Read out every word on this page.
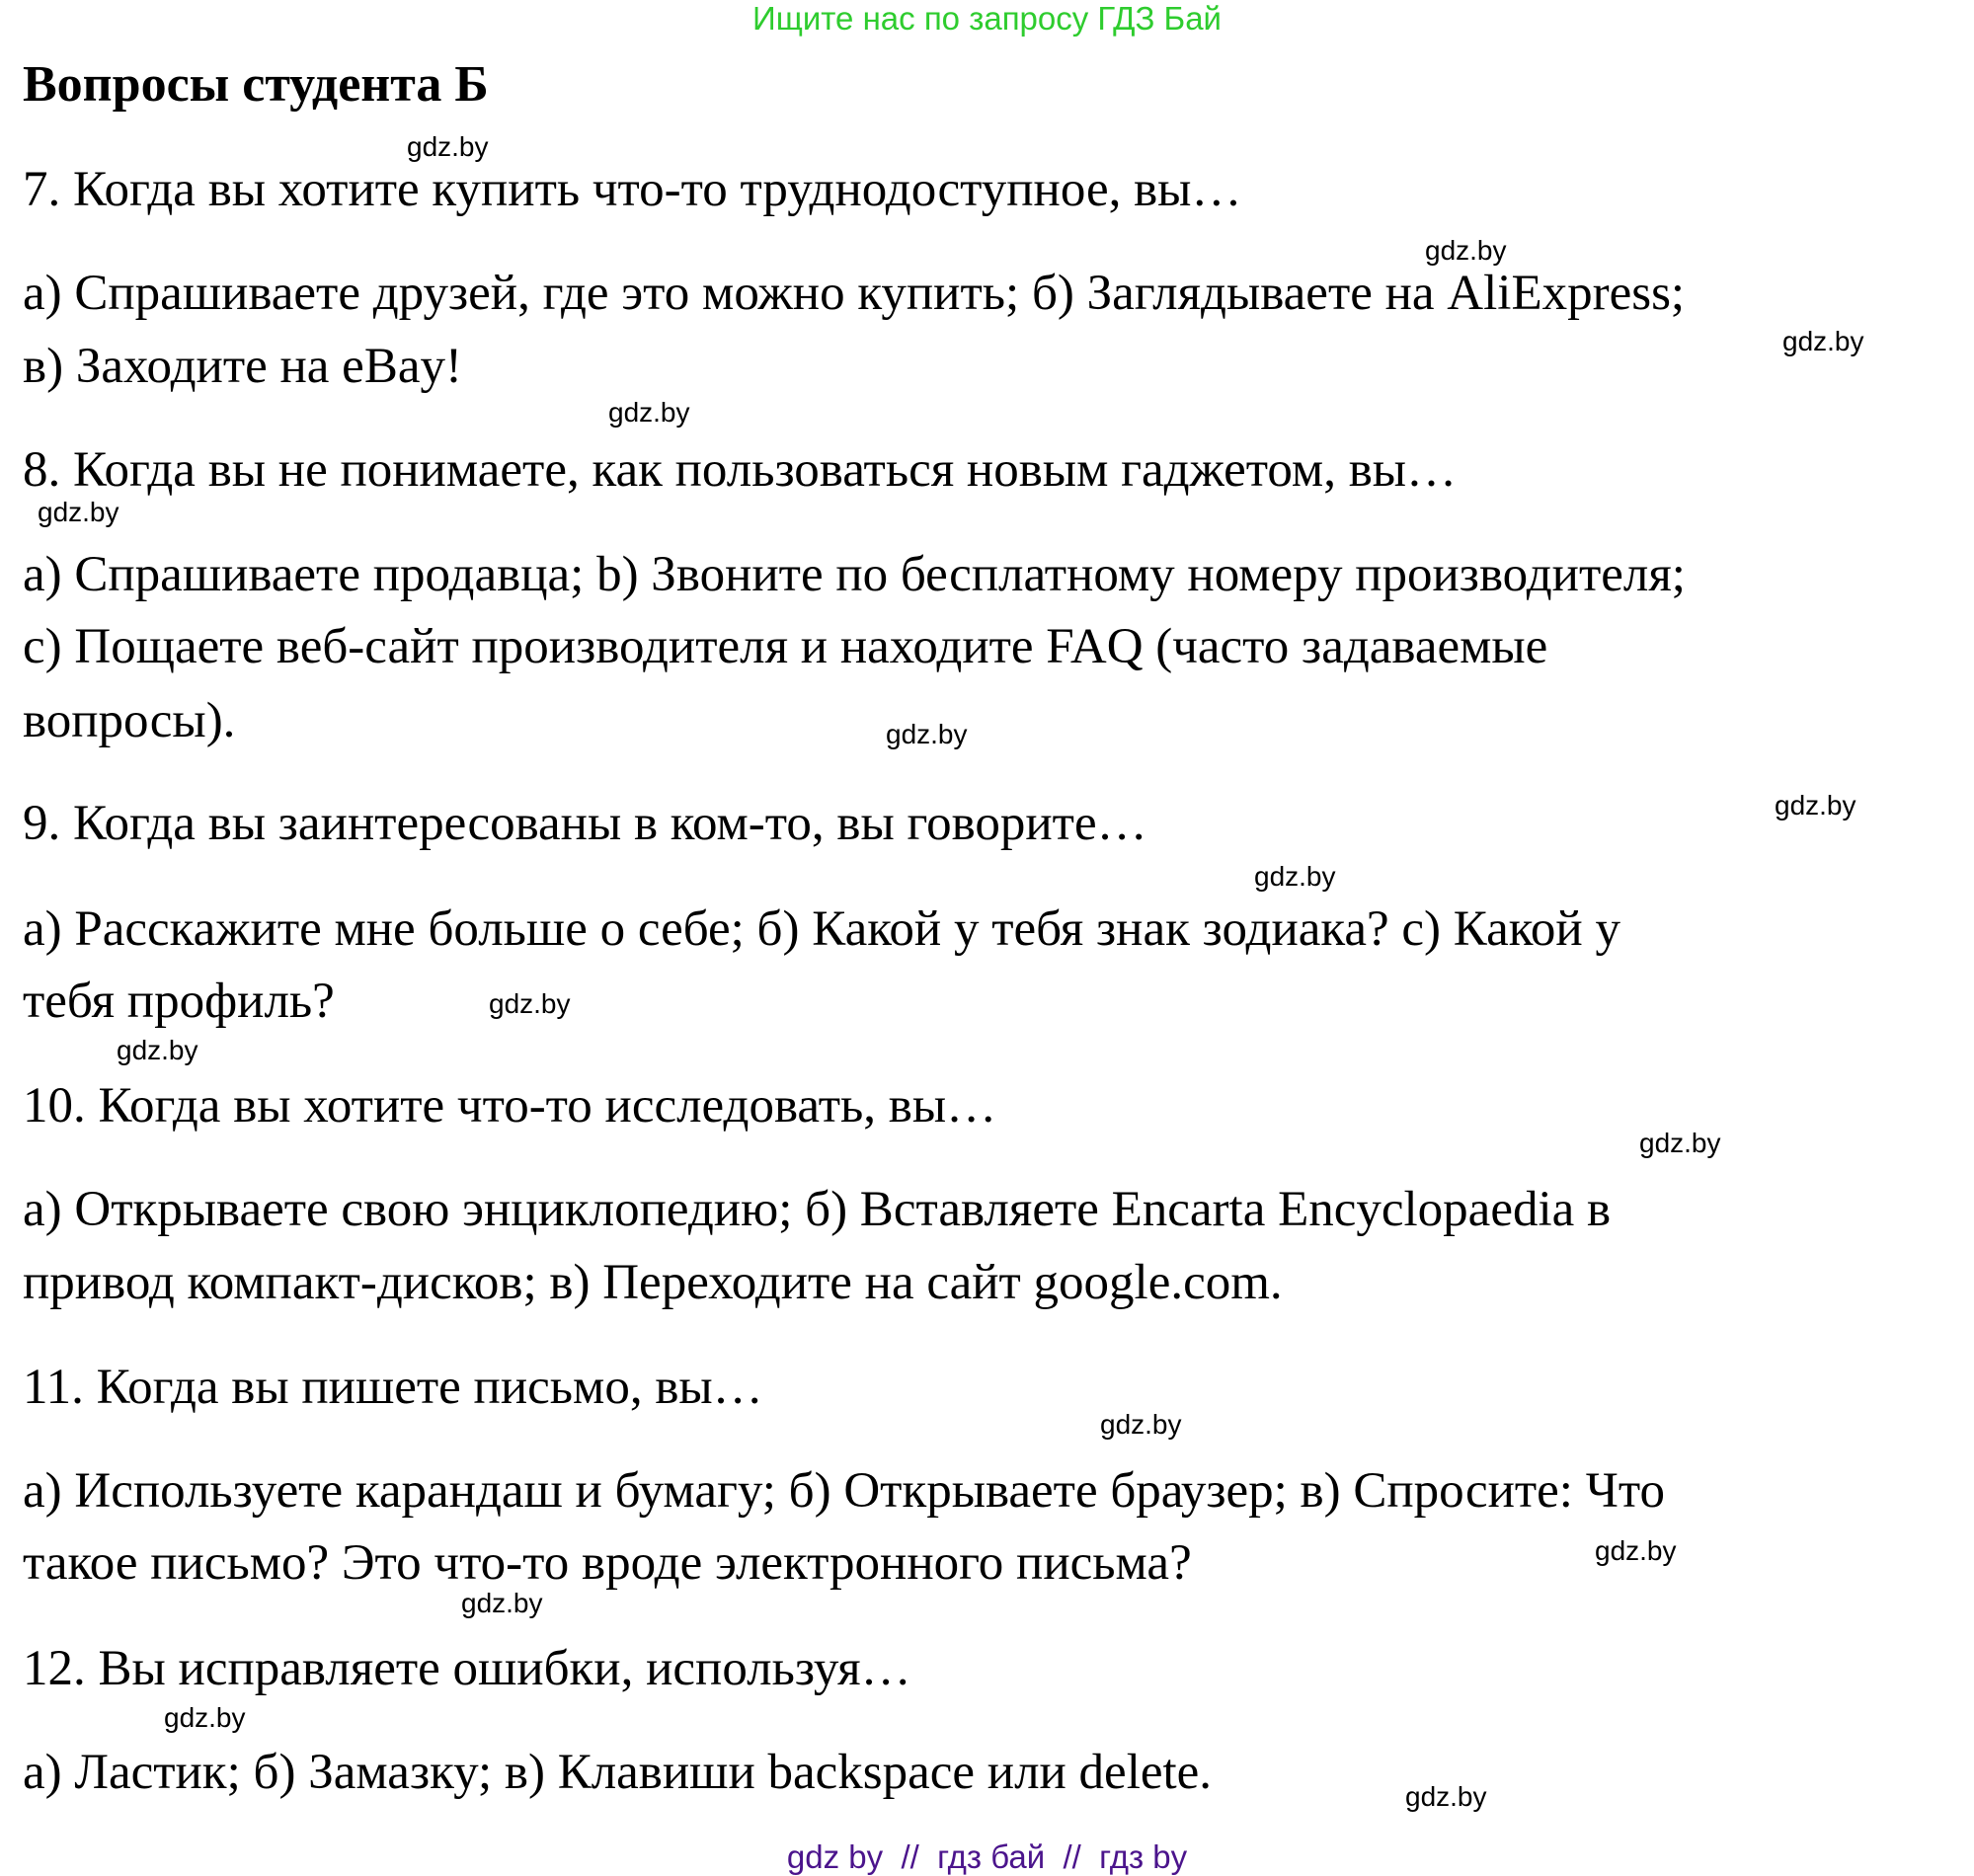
Ищите нас по запросу ГДЗ Бай
Вопросы студента Б
7. Когда вы хотите купить что-то труднодоступное, вы…
а) Спрашиваете друзей, где это можно купить; б) Заглядываете на AliExpress;
в) Заходите на eBay!
8. Когда вы не понимаете, как пользоваться новым гаджетом, вы…
а) Спрашиваете продавца; b) Звоните по бесплатному номеру производителя;
с) Пощаете веб-сайт производителя и находите FAQ (часто задаваемые
вопросы).
9. Когда вы заинтересованы в ком-то, вы говорите…
а) Расскажите мне больше о себе; б) Какой у тебя знак зодиака? с) Какой у
тебя профиль?
10. Когда вы хотите что-то исследовать, вы…
а) Открываете свою энциклопедию; б) Вставляете Encarta Encyclopaedia в
привод компакт-дисков; в) Переходите на сайт google.com.
11. Когда вы пишете письмо, вы…
а) Используете карандаш и бумагу; б) Открываете браузер; в) Спросите: Что
такое письмо? Это что-то вроде электронного письма?
12. Вы исправляете ошибки, используя…
а) Ластик; б) Замазку; в) Клавиши backspace или delete.
gdz.by
gdz.by
gdz.by
gdz.by
gdz.by
gdz.by
gdz.by
gdz.by
gdz.by
gdz.by
gdz.by
gdz.by
gdz.by
gdz.by
gdz.by
gdz.by
gdz by  //  гдз бай  //  гдз by
